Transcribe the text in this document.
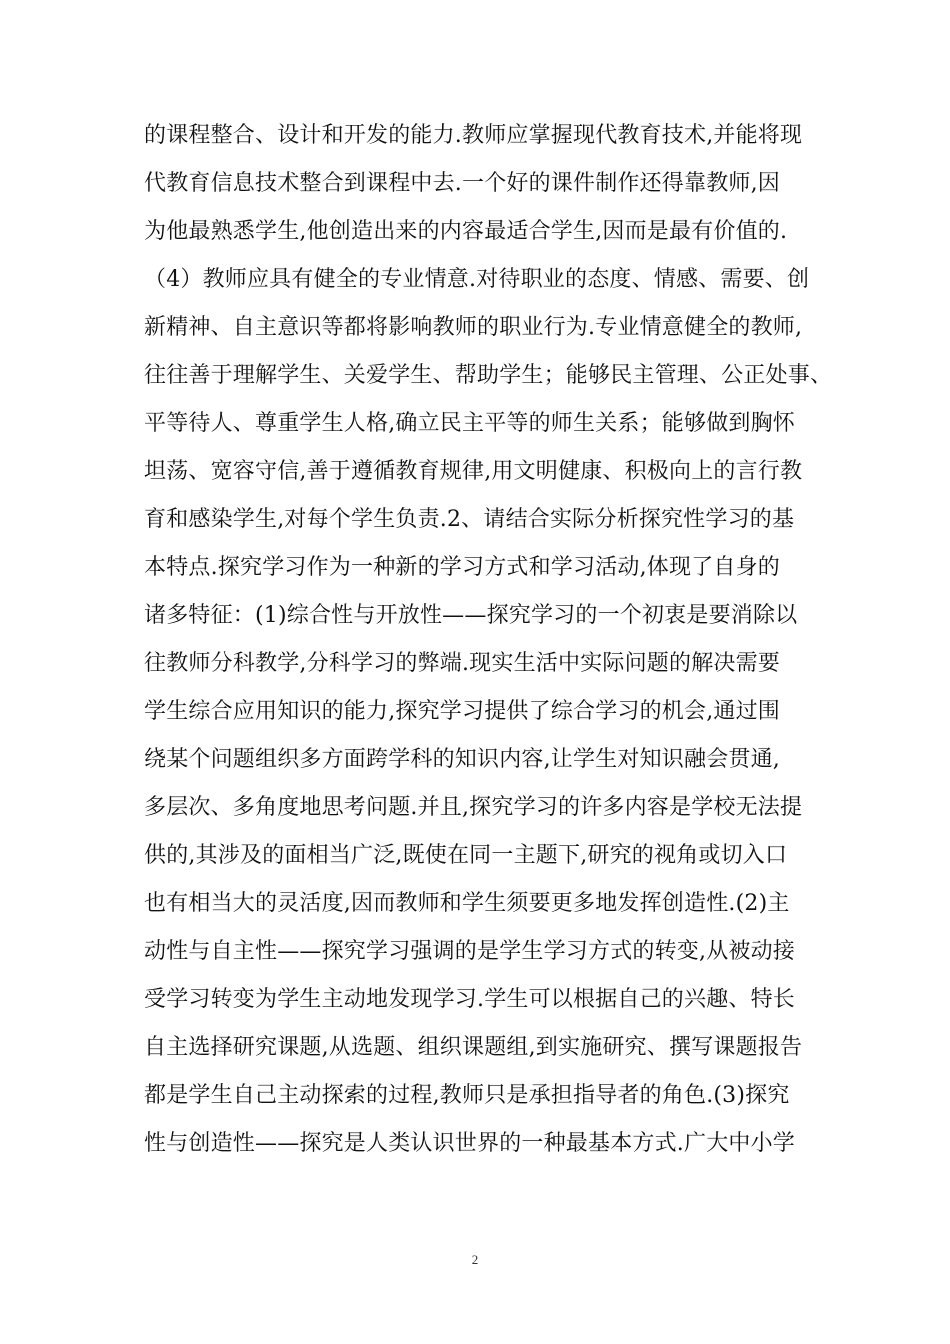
的课程整合、设计和开发的能力.教师应掌握现代教育技术,并能将现
代教育信息技术整合到课程中去.一个好的课件制作还得靠教师,因
为他最熟悉学生,他创造出来的内容最适合学生,因而是最有价值的.
（4）教师应具有健全的专业情意.对待职业的态度、情感、需要、创
新精神、自主意识等都将影响教师的职业行为.专业情意健全的教师,
往往善于理解学生、关爱学生、帮助学生；能够民主管理、公正处事、
平等待人、尊重学生人格,确立民主平等的师生关系；能够做到胸怀
坦荡、宽容守信,善于遵循教育规律,用文明健康、积极向上的言行教
育和感染学生,对每个学生负责.2、请结合实际分析探究性学习的基
本特点.探究学习作为一种新的学习方式和学习活动,体现了自身的
诸多特征：(1)综合性与开放性——探究学习的一个初衷是要消除以
往教师分科教学,分科学习的弊端.现实生活中实际问题的解决需要
学生综合应用知识的能力,探究学习提供了综合学习的机会,通过围
绕某个问题组织多方面跨学科的知识内容,让学生对知识融会贯通,
多层次、多角度地思考问题.并且,探究学习的许多内容是学校无法提
供的,其涉及的面相当广泛,既使在同一主题下,研究的视角或切入口
也有相当大的灵活度,因而教师和学生须要更多地发挥创造性.(2)主
动性与自主性——探究学习强调的是学生学习方式的转变,从被动接
受学习转变为学生主动地发现学习.学生可以根据自己的兴趣、特长
自主选择研究课题,从选题、组织课题组,到实施研究、撰写课题报告
都是学生自己主动探索的过程,教师只是承担指导者的角色.(3)探究
性与创造性——探究是人类认识世界的一种最基本方式.广大中小学
2
